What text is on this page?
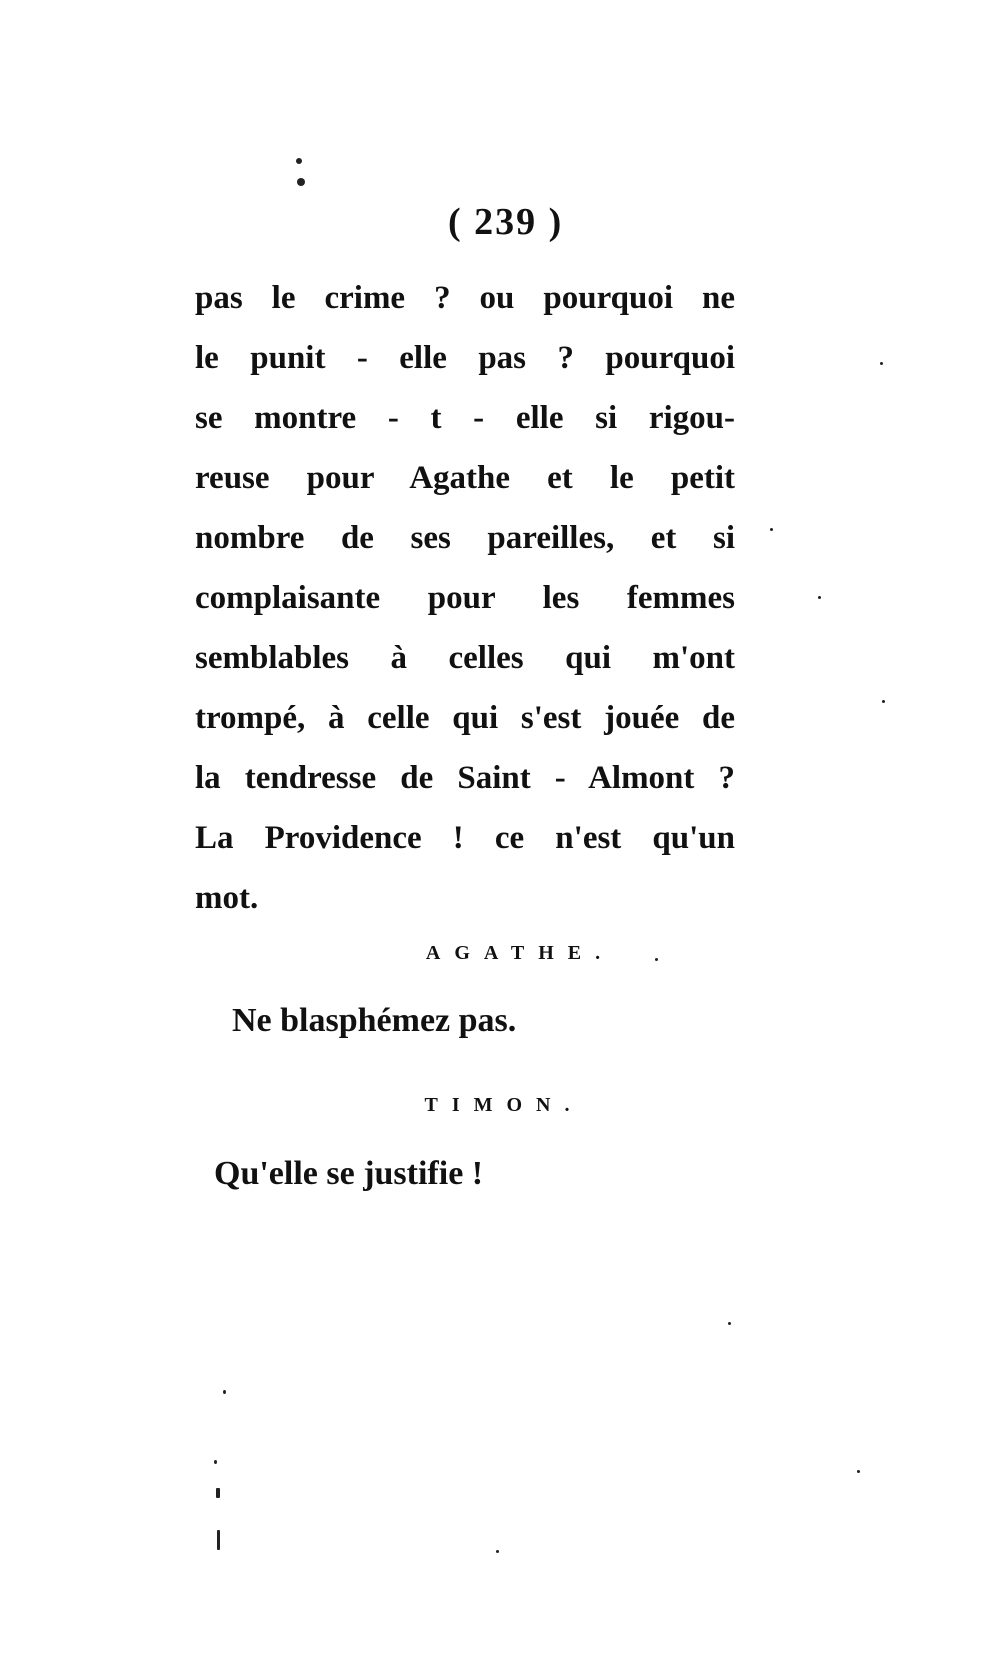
( 239 )
pas le crime ? ou pourquoi ne
le punit - elle pas ? pourquoi
se montre - t - elle si rigou-
reuse pour Agathe et le petit
nombre de ses pareilles, et si
complaisante pour les femmes
semblables à celles qui m'ont
trompé, à celle qui s'est jouée de
la tendresse de Saint - Almont ?
La Providence ! ce n'est qu'un
mot.
AGATHE.
Ne blasphémez pas.
TIMON.
Qu'elle se justifie !
